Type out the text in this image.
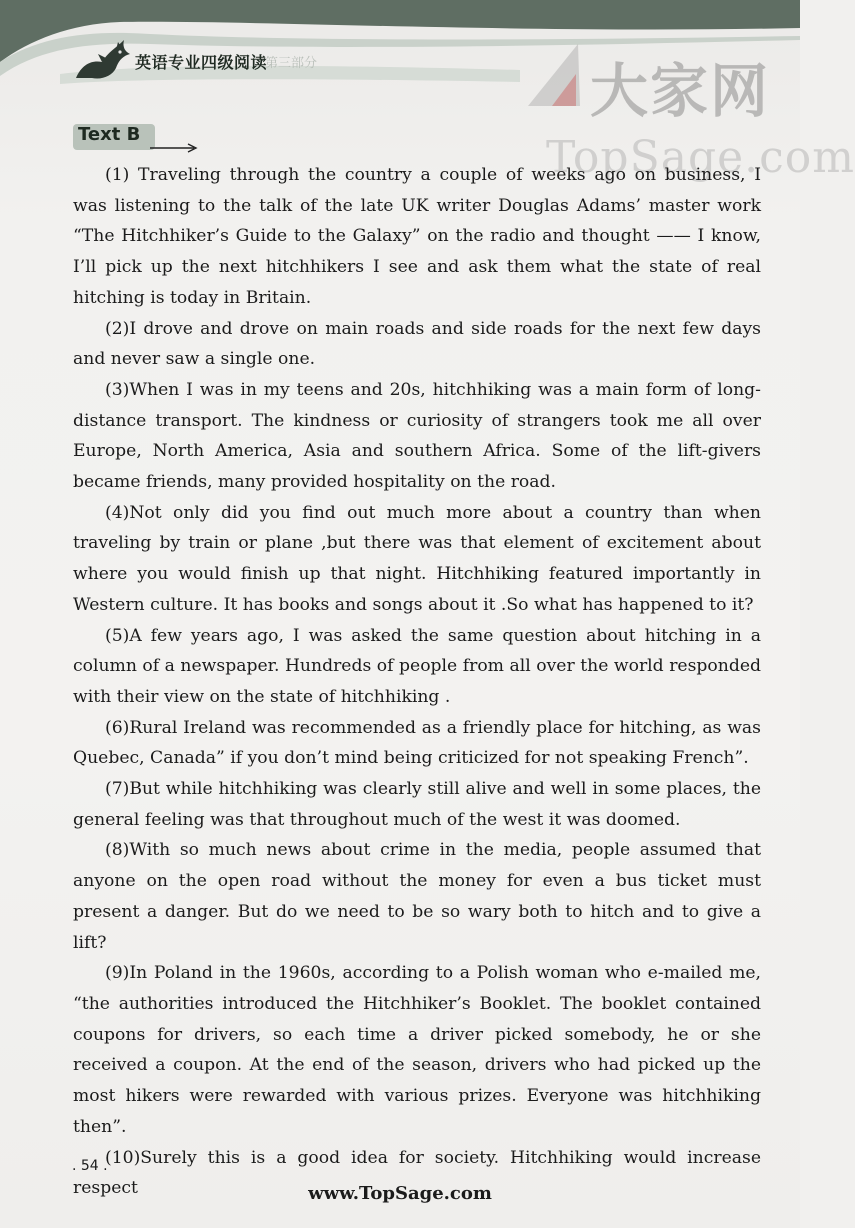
英语专业四级阅读
第三部分	大家网
TopSage.com
Text B

(1) Traveling through the country a couple of weeks ago on business, I was listening to the talk of the late UK writer Douglas Adams’ master work “The Hitchhiker’s Guide to the Galaxy” on the radio and thought —— I know, I’ll pick up the next hitchhikers I see and ask them what the state of real hitching is today in Britain.

(2)I drove and drove on main roads and side roads for the next few days and never saw a single one.

(3)When I was in my teens and 20s, hitchhiking was a main form of long-distance transport. The kindness or curiosity of strangers took me all over Europe, North America, Asia and southern Africa. Some of the lift-givers became friends, many provided hospitality on the road.

(4)Not only did you find out much more about a country than when traveling by train or plane ,but there was that element of excitement about where you would finish up that night. Hitchhiking featured importantly in Western culture. It has books and songs about it .So what has happened to it?

(5)A few years ago, I was asked the same question about hitching in a column of a newspaper. Hundreds of people from all over the world responded with their view on the state of hitchhiking .

(6)Rural Ireland was recommended as a friendly place for hitching, as was Quebec, Canada” if you don’t mind being criticized for not speaking French”.

(7)But while hitchhiking was clearly still alive and well in some places, the general feeling was that throughout much of the west it was doomed.

(8)With so much news about crime in the media, people assumed that anyone on the open road without the money for even a bus ticket must present a danger. But do we need to be so wary both to hitch and to give a lift?

(9)In Poland in the 1960s, according to a Polish woman who e-mailed me, “the authorities introduced the Hitchhiker’s Booklet. The booklet contained coupons for drivers, so each time a driver picked somebody, he or she received a coupon. At the end of the season, drivers who had picked up the most hikers were rewarded with various prizes. Everyone was hitchhiking then”.

(10)Surely this is a good idea for society. Hitchhiking would increase respect

. 54 .
www.TopSage.com
